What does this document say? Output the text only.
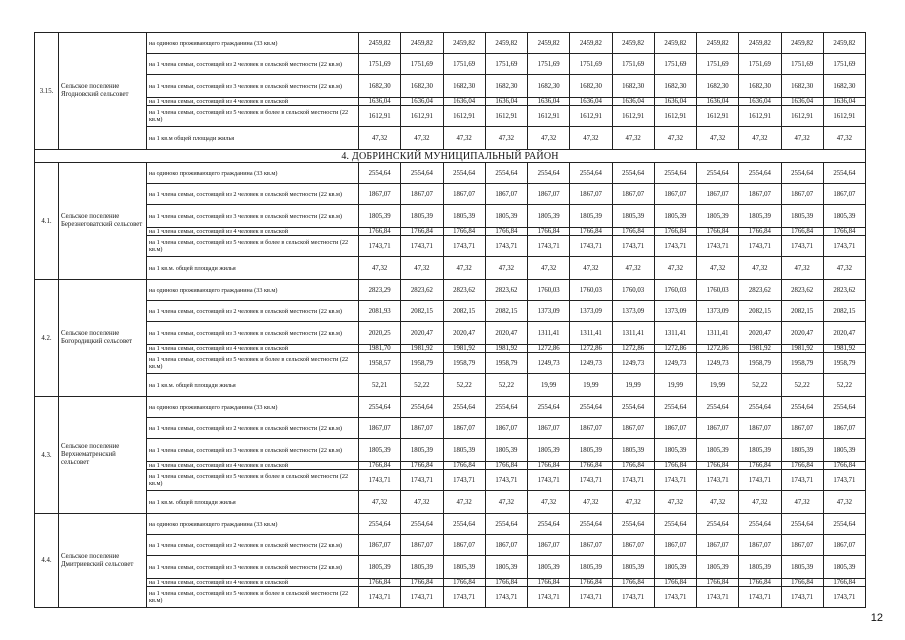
3.15.	Сельское поселение Ягодновский сельсовет	на одиноко проживающего гражданина (33 кв.м)	2459,82	2459,82	2459,82	2459,82	2459,82	2459,82	2459,82	2459,82	2459,82	2459,82	2459,82	2459,82
		на 1 члена семьи, состоящей из 2 человек в сельской местности (22 кв.м)	1751,69	1751,69	1751,69	1751,69	1751,69	1751,69	1751,69	1751,69	1751,69	1751,69	1751,69	1751,69
		на 1 члена семьи, состоящей из 3 человек в сельской местности (22 кв.м)	1682,30	1682,30	1682,30	1682,30	1682,30	1682,30	1682,30	1682,30	1682,30	1682,30	1682,30	1682,30
		на 1 члена семьи, состоящей из 4 человек в сельской	1636,04	1636,04	1636,04	1636,04	1636,04	1636,04	1636,04	1636,04	1636,04	1636,04	1636,04	1636,04
		на 1 члена семьи, состоящей из 5 человек и более в сельской местности (22 кв.м)	1612,91	1612,91	1612,91	1612,91	1612,91	1612,91	1612,91	1612,91	1612,91	1612,91	1612,91	1612,91
		на 1 кв.м общей площади жилья	47,32	47,32	47,32	47,32	47,32	47,32	47,32	47,32	47,32	47,32	47,32	47,32
4. ДОБРИНСКИЙ МУНИЦИПАЛЬНЫЙ РАЙОН														
4.1.	Сельское поселение Березнеговатский сельсовет	на одиноко проживающего гражданина (33 кв.м)	2554,64	2554,64	2554,64	2554,64	2554,64	2554,64	2554,64	2554,64	2554,64	2554,64	2554,64	2554,64
		на 1 члена семьи, состоящей из 2 человек в сельской местности (22 кв.м)	1867,07	1867,07	1867,07	1867,07	1867,07	1867,07	1867,07	1867,07	1867,07	1867,07	1867,07	1867,07
		на 1 члена семьи, состоящей из 3 человек в сельской местности (22 кв.м)	1805,39	1805,39	1805,39	1805,39	1805,39	1805,39	1805,39	1805,39	1805,39	1805,39	1805,39	1805,39
		на 1 члена семьи, состоящей из 4 человек в сельской	1766,84	1766,84	1766,84	1766,84	1766,84	1766,84	1766,84	1766,84	1766,84	1766,84	1766,84	1766,84
		на 1 члена семьи, состоящей из 5 человек и более в сельской местности (22 кв.м)	1743,71	1743,71	1743,71	1743,71	1743,71	1743,71	1743,71	1743,71	1743,71	1743,71	1743,71	1743,71
		на 1 кв.м. общей площади жилья	47,32	47,32	47,32	47,32	47,32	47,32	47,32	47,32	47,32	47,32	47,32	47,32
4.2.	Сельское поселение Богородицкий сельсовет	на одиноко проживающего гражданина (33 кв.м)	2823,29	2823,62	2823,62	2823,62	1760,03	1760,03	1760,03	1760,03	1760,03	2823,62	2823,62	2823,62
		на 1 члена семьи, состоящей из 2 человек в сельской местности (22 кв.м)	2081,93	2082,15	2082,15	2082,15	1373,09	1373,09	1373,09	1373,09	1373,09	2082,15	2082,15	2082,15
		на 1 члена семьи, состоящей из 3 человек в сельской местности (22 кв.м)	2020,25	2020,47	2020,47	2020,47	1311,41	1311,41	1311,41	1311,41	1311,41	2020,47	2020,47	2020,47
		на 1 члена семьи, состоящей из 4 человек в сельской	1981,70	1981,92	1981,92	1981,92	1272,86	1272,86	1272,86	1272,86	1272,86	1981,92	1981,92	1981,92
		на 1 члена семьи, состоящей из 5 человек и более в сельской местности (22 кв.м)	1958,57	1958,79	1958,79	1958,79	1249,73	1249,73	1249,73	1249,73	1249,73	1958,79	1958,79	1958,79
		на 1 кв.м. общей площади жилья	52,21	52,22	52,22	52,22	19,99	19,99	19,99	19,99	19,99	52,22	52,22	52,22
4.3.	Сельское поселение Верхнематренский сельсовет	на одиноко проживающего гражданина (33 кв.м)	2554,64	2554,64	2554,64	2554,64	2554,64	2554,64	2554,64	2554,64	2554,64	2554,64	2554,64	2554,64
		на 1 члена семьи, состоящей из 2 человек в сельской местности (22 кв.м)	1867,07	1867,07	1867,07	1867,07	1867,07	1867,07	1867,07	1867,07	1867,07	1867,07	1867,07	1867,07
		на 1 члена семьи, состоящей из 3 человек в сельской местности (22 кв.м)	1805,39	1805,39	1805,39	1805,39	1805,39	1805,39	1805,39	1805,39	1805,39	1805,39	1805,39	1805,39
		на 1 члена семьи, состоящей из 4 человек в сельской	1766,84	1766,84	1766,84	1766,84	1766,84	1766,84	1766,84	1766,84	1766,84	1766,84	1766,84	1766,84
		на 1 члена семьи, состоящей из 5 человек и более в сельской местности (22 кв.м)	1743,71	1743,71	1743,71	1743,71	1743,71	1743,71	1743,71	1743,71	1743,71	1743,71	1743,71	1743,71
		на 1 кв.м. общей площади жилья	47,32	47,32	47,32	47,32	47,32	47,32	47,32	47,32	47,32	47,32	47,32	47,32
4.4.	Сельское поселение Дмитриевский сельсовет	на одиноко проживающего гражданина (33 кв.м)	2554,64	2554,64	2554,64	2554,64	2554,64	2554,64	2554,64	2554,64	2554,64	2554,64	2554,64	2554,64
		на 1 члена семьи, состоящей из 2 человек в сельской местности (22 кв.м)	1867,07	1867,07	1867,07	1867,07	1867,07	1867,07	1867,07	1867,07	1867,07	1867,07	1867,07	1867,07
		на 1 члена семьи, состоящей из 3 человек в сельской местности (22 кв.м)	1805,39	1805,39	1805,39	1805,39	1805,39	1805,39	1805,39	1805,39	1805,39	1805,39	1805,39	1805,39
		на 1 члена семьи, состоящей из 4 человек в сельской	1766,84	1766,84	1766,84	1766,84	1766,84	1766,84	1766,84	1766,84	1766,84	1766,84	1766,84	1766,84
		на 1 члена семьи, состоящей из 5 человек и более в сельской местности (22 кв.м)	1743,71	1743,71	1743,71	1743,71	1743,71	1743,71	1743,71	1743,71	1743,71	1743,71	1743,71	1743,71
12
